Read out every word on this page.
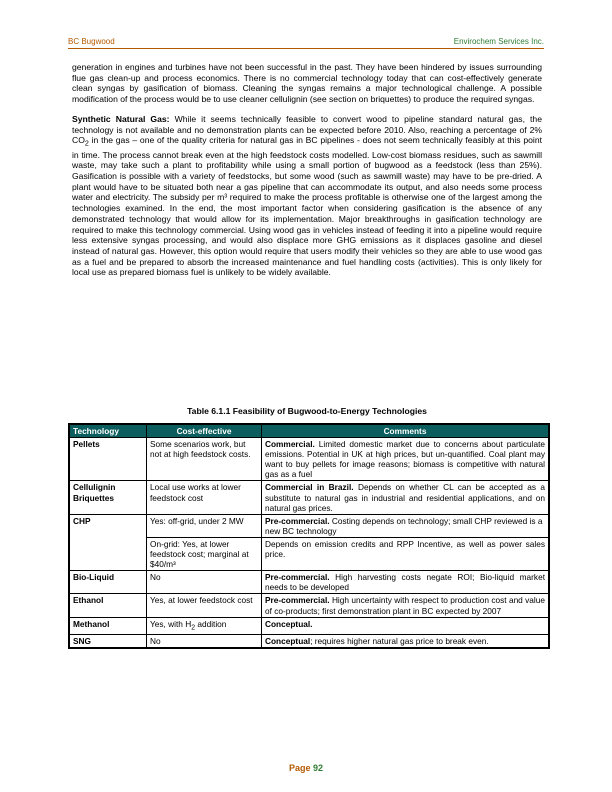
BC Bugwood	Envirochem Services Inc.

generation in engines and turbines have not been successful in the past. They have been hindered by issues surrounding flue gas clean-up and process economics. There is no commercial technology today that can cost-effectively generate clean syngas by gasification of biomass. Cleaning the syngas remains a major technological challenge. A possible modification of the process would be to use cleaner cellulignin (see section on briquettes) to produce the required syngas.

Synthetic Natural Gas: While it seems technically feasible to convert wood to pipeline standard natural gas, the technology is not available and no demonstration plants can be expected before 2010. Also, reaching a percentage of 2% $CO_2$ in the gas – one of the quality criteria for natural gas in BC pipelines - does not seem technically feasibly at this point in time. The process cannot break even at the high feedstock costs modelled. Low-cost biomass residues, such as sawmill waste, may take such a plant to profitability while using a small portion of bugwood as a feedstock (less than 25%). Gasification is possible with a variety of feedstocks, but some wood (such as sawmill waste) may have to be pre-dried. A plant would have to be situated both near a gas pipeline that can accommodate its output, and also needs some process water and electricity. The subsidy per m³ required to make the process profitable is otherwise one of the largest among the technologies examined. In the end, the most important factor when considering gasification is the absence of any demonstrated technology that would allow for its implementation. Major breakthroughs in gasification technology are required to make this technology commercial. Using wood gas in vehicles instead of feeding it into a pipeline would require less extensive syngas processing, and would also displace more GHG emissions as it displaces gasoline and diesel instead of natural gas. However, this option would require that users modify their vehicles so they are able to use wood gas as a fuel and be prepared to absorb the increased maintenance and fuel handling costs (activities). This is only likely for local use as prepared biomass fuel is unlikely to be widely available.

Table 6.1.1 Feasibility of Bugwood-to-Energy Technologies
Technology	Cost-effective	Comments
Pellets	Some scenarios work, but not at high feedstock costs.	Commercial. Limited domestic market due to concerns about particulate emissions. Potential in UK at high prices, but un-quantified. Coal plant may want to buy pellets for image reasons; biomass is competitive with natural gas as a fuel
Cellulignin Briquettes	Local use works at lower feedstock cost	Commercial in Brazil. Depends on whether CL can be accepted as a substitute to natural gas in industrial and residential applications, and on natural gas prices.
CHP	Yes: off-grid, under 2 MW	Pre-commercial. Costing depends on technology; small CHP reviewed is a new BC technology
	On-grid: Yes, at lower feedstock cost; marginal at $40/m³	Depends on emission credits and RPP Incentive, as well as power sales price.
Bio-Liquid	No	Pre-commercial. High harvesting costs negate ROI; Bio-liquid market needs to be developed
Ethanol	Yes, at lower feedstock cost	Pre-commercial. High uncertainty with respect to production cost and value of co-products; first demonstration plant in BC expected by 2007
Methanol	Yes, with $H_2$ addition	Conceptual.
SNG	No	Conceptual; requires higher natural gas price to break even.
Page 92
